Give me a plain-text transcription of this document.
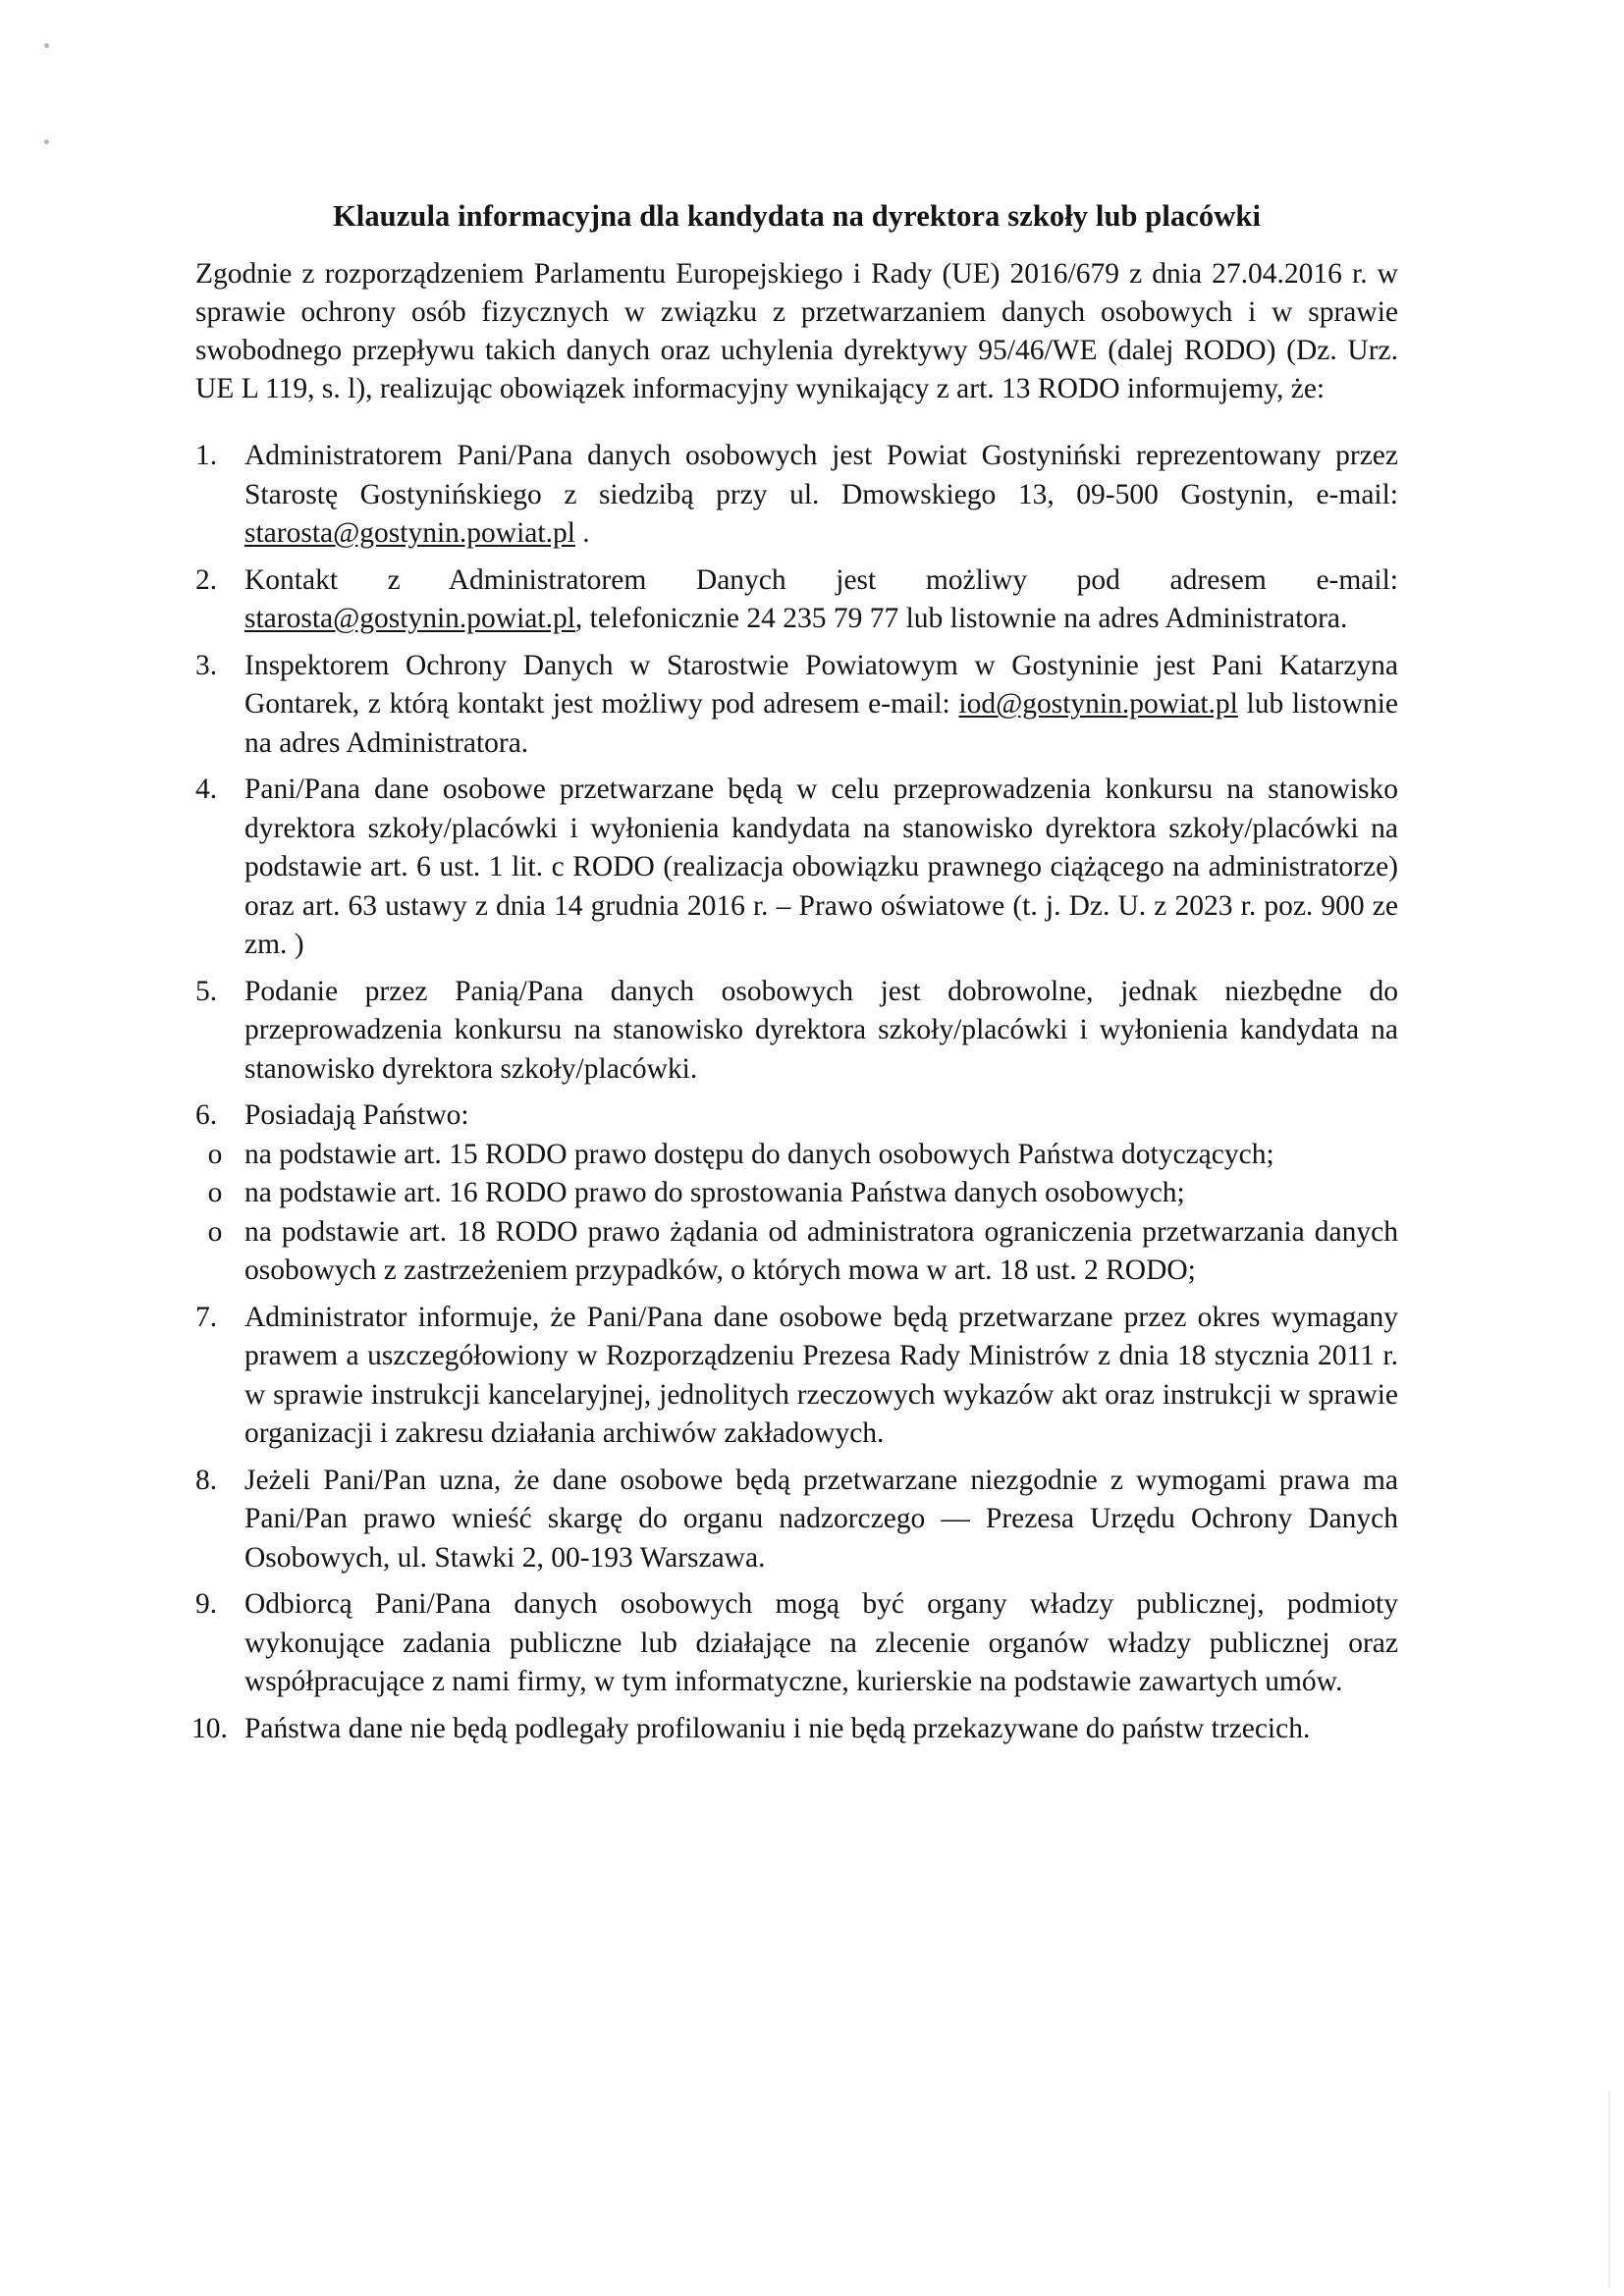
Klauzula informacyjna dla kandydata na dyrektora szkoły lub placówki

Zgodnie z rozporządzeniem Parlamentu Europejskiego i Rady (UE) 2016/679 z dnia 27.04.2016 r. w sprawie ochrony osób fizycznych w związku z przetwarzaniem danych osobowych i w sprawie swobodnego przepływu takich danych oraz uchylenia dyrektywy 95/46/WE (dalej RODO) (Dz. Urz. UE L 119, s. l), realizując obowiązek informacyjny wynikający z art. 13 RODO informujemy, że:

1. Administratorem Pani/Pana danych osobowych jest Powiat Gostyniński reprezentowany przez Starostę Gostynińskiego z siedzibą przy ul. Dmowskiego 13, 09-500 Gostynin, e-mail: starosta@gostynin.powiat.pl .
2. Kontakt z Administratorem Danych jest możliwy pod adresem e-mail: starosta@gostynin.powiat.pl, telefonicznie 24 235 79 77 lub listownie na adres Administratora.
3. Inspektorem Ochrony Danych w Starostwie Powiatowym w Gostyninie jest Pani Katarzyna Gontarek, z którą kontakt jest możliwy pod adresem e-mail: iod@gostynin.powiat.pl lub listownie na adres Administratora.
4. Pani/Pana dane osobowe przetwarzane będą w celu przeprowadzenia konkursu na stanowisko dyrektora szkoły/placówki i wyłonienia kandydata na stanowisko dyrektora szkoły/placówki na podstawie art. 6 ust. 1 lit. c RODO (realizacja obowiązku prawnego ciążącego na administratorze) oraz art. 63 ustawy z dnia 14 grudnia 2016 r. – Prawo oświatowe (t. j. Dz. U. z 2023 r. poz. 900 ze zm. )
5. Podanie przez Panią/Pana danych osobowych jest dobrowolne, jednak niezbędne do przeprowadzenia konkursu na stanowisko dyrektora szkoły/placówki i wyłonienia kandydata na stanowisko dyrektora szkoły/placówki.
6. Posiadają Państwo:
o na podstawie art. 15 RODO prawo dostępu do danych osobowych Państwa dotyczących;
o na podstawie art. 16 RODO prawo do sprostowania Państwa danych osobowych;
o na podstawie art. 18 RODO prawo żądania od administratora ograniczenia przetwarzania danych osobowych z zastrzeżeniem przypadków, o których mowa w art. 18 ust. 2 RODO;
7. Administrator informuje, że Pani/Pana dane osobowe będą przetwarzane przez okres wymagany prawem a uszczegółowiony w Rozporządzeniu Prezesa Rady Ministrów z dnia 18 stycznia 2011 r. w sprawie instrukcji kancelaryjnej, jednolitych rzeczowych wykazów akt oraz instrukcji w sprawie organizacji i zakresu działania archiwów zakładowych.
8. Jeżeli Pani/Pan uzna, że dane osobowe będą przetwarzane niezgodnie z wymogami prawa ma Pani/Pan prawo wnieść skargę do organu nadzorczego — Prezesa Urzędu Ochrony Danych Osobowych, ul. Stawki 2, 00-193 Warszawa.
9. Odbiorcą Pani/Pana danych osobowych mogą być organy władzy publicznej, podmioty wykonujące zadania publiczne lub działające na zlecenie organów władzy publicznej oraz współpracujące z nami firmy, w tym informatyczne, kurierskie na podstawie zawartych umów.
10. Państwa dane nie będą podlegały profilowaniu i nie będą przekazywane do państw trzecich.
